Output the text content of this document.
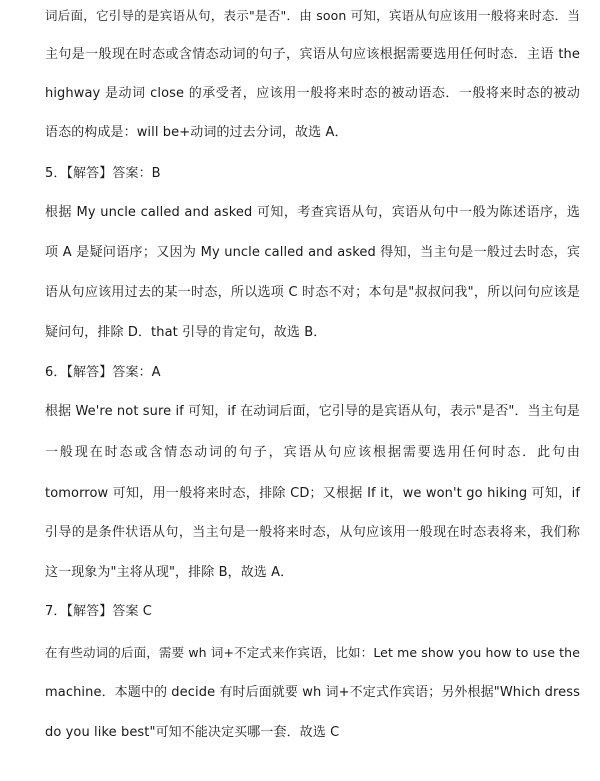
词后面，它引导的是宾语从句，表示"是否"．由 soon 可知，宾语从句应该用一般将来时态．当
主句是一般现在时态或含情态动词的句子，宾语从句应该根据需要选用任何时态．主语 the
highway 是动词 close 的承受者，应该用一般将来时态的被动语态．一般将来时态的被动
语态的构成是：will be+动词的过去分词，故选 A．
5．【解答】答案：B
根据 My uncle called and asked 可知，考查宾语从句，宾语从句中一般为陈述语序，选
项 A 是疑问语序；又因为 My uncle called and asked 得知，当主句是一般过去时态，宾
语从句应该用过去的某一时态，所以选项 C 时态不对；本句是"叔叔问我"，所以问句应该是
疑问句，排除 D．that 引导的肯定句，故选 B．
6．【解答】答案：A
根据 We're not sure if 可知，if 在动词后面，它引导的是宾语从句，表示"是否"．当主句是
一般现在时态或含情态动词的句子，宾语从句应该根据需要选用任何时态．此句由
tomorrow 可知，用一般将来时态，排除 CD；又根据 If it，we won't go hiking 可知，if
引导的是条件状语从句，当主句是一般将来时态，从句应该用一般现在时态表将来，我们称
这一现象为"主将从现"，排除 B，故选 A．
7．【解答】答案 C
在有些动词的后面，需要 wh 词+不定式来作宾语，比如：Let me show you how to use the
machine．本题中的 decide 有时后面就要 wh 词+不定式作宾语；另外根据"Which dress
do you like best"可知不能决定买哪一套．故选 C
